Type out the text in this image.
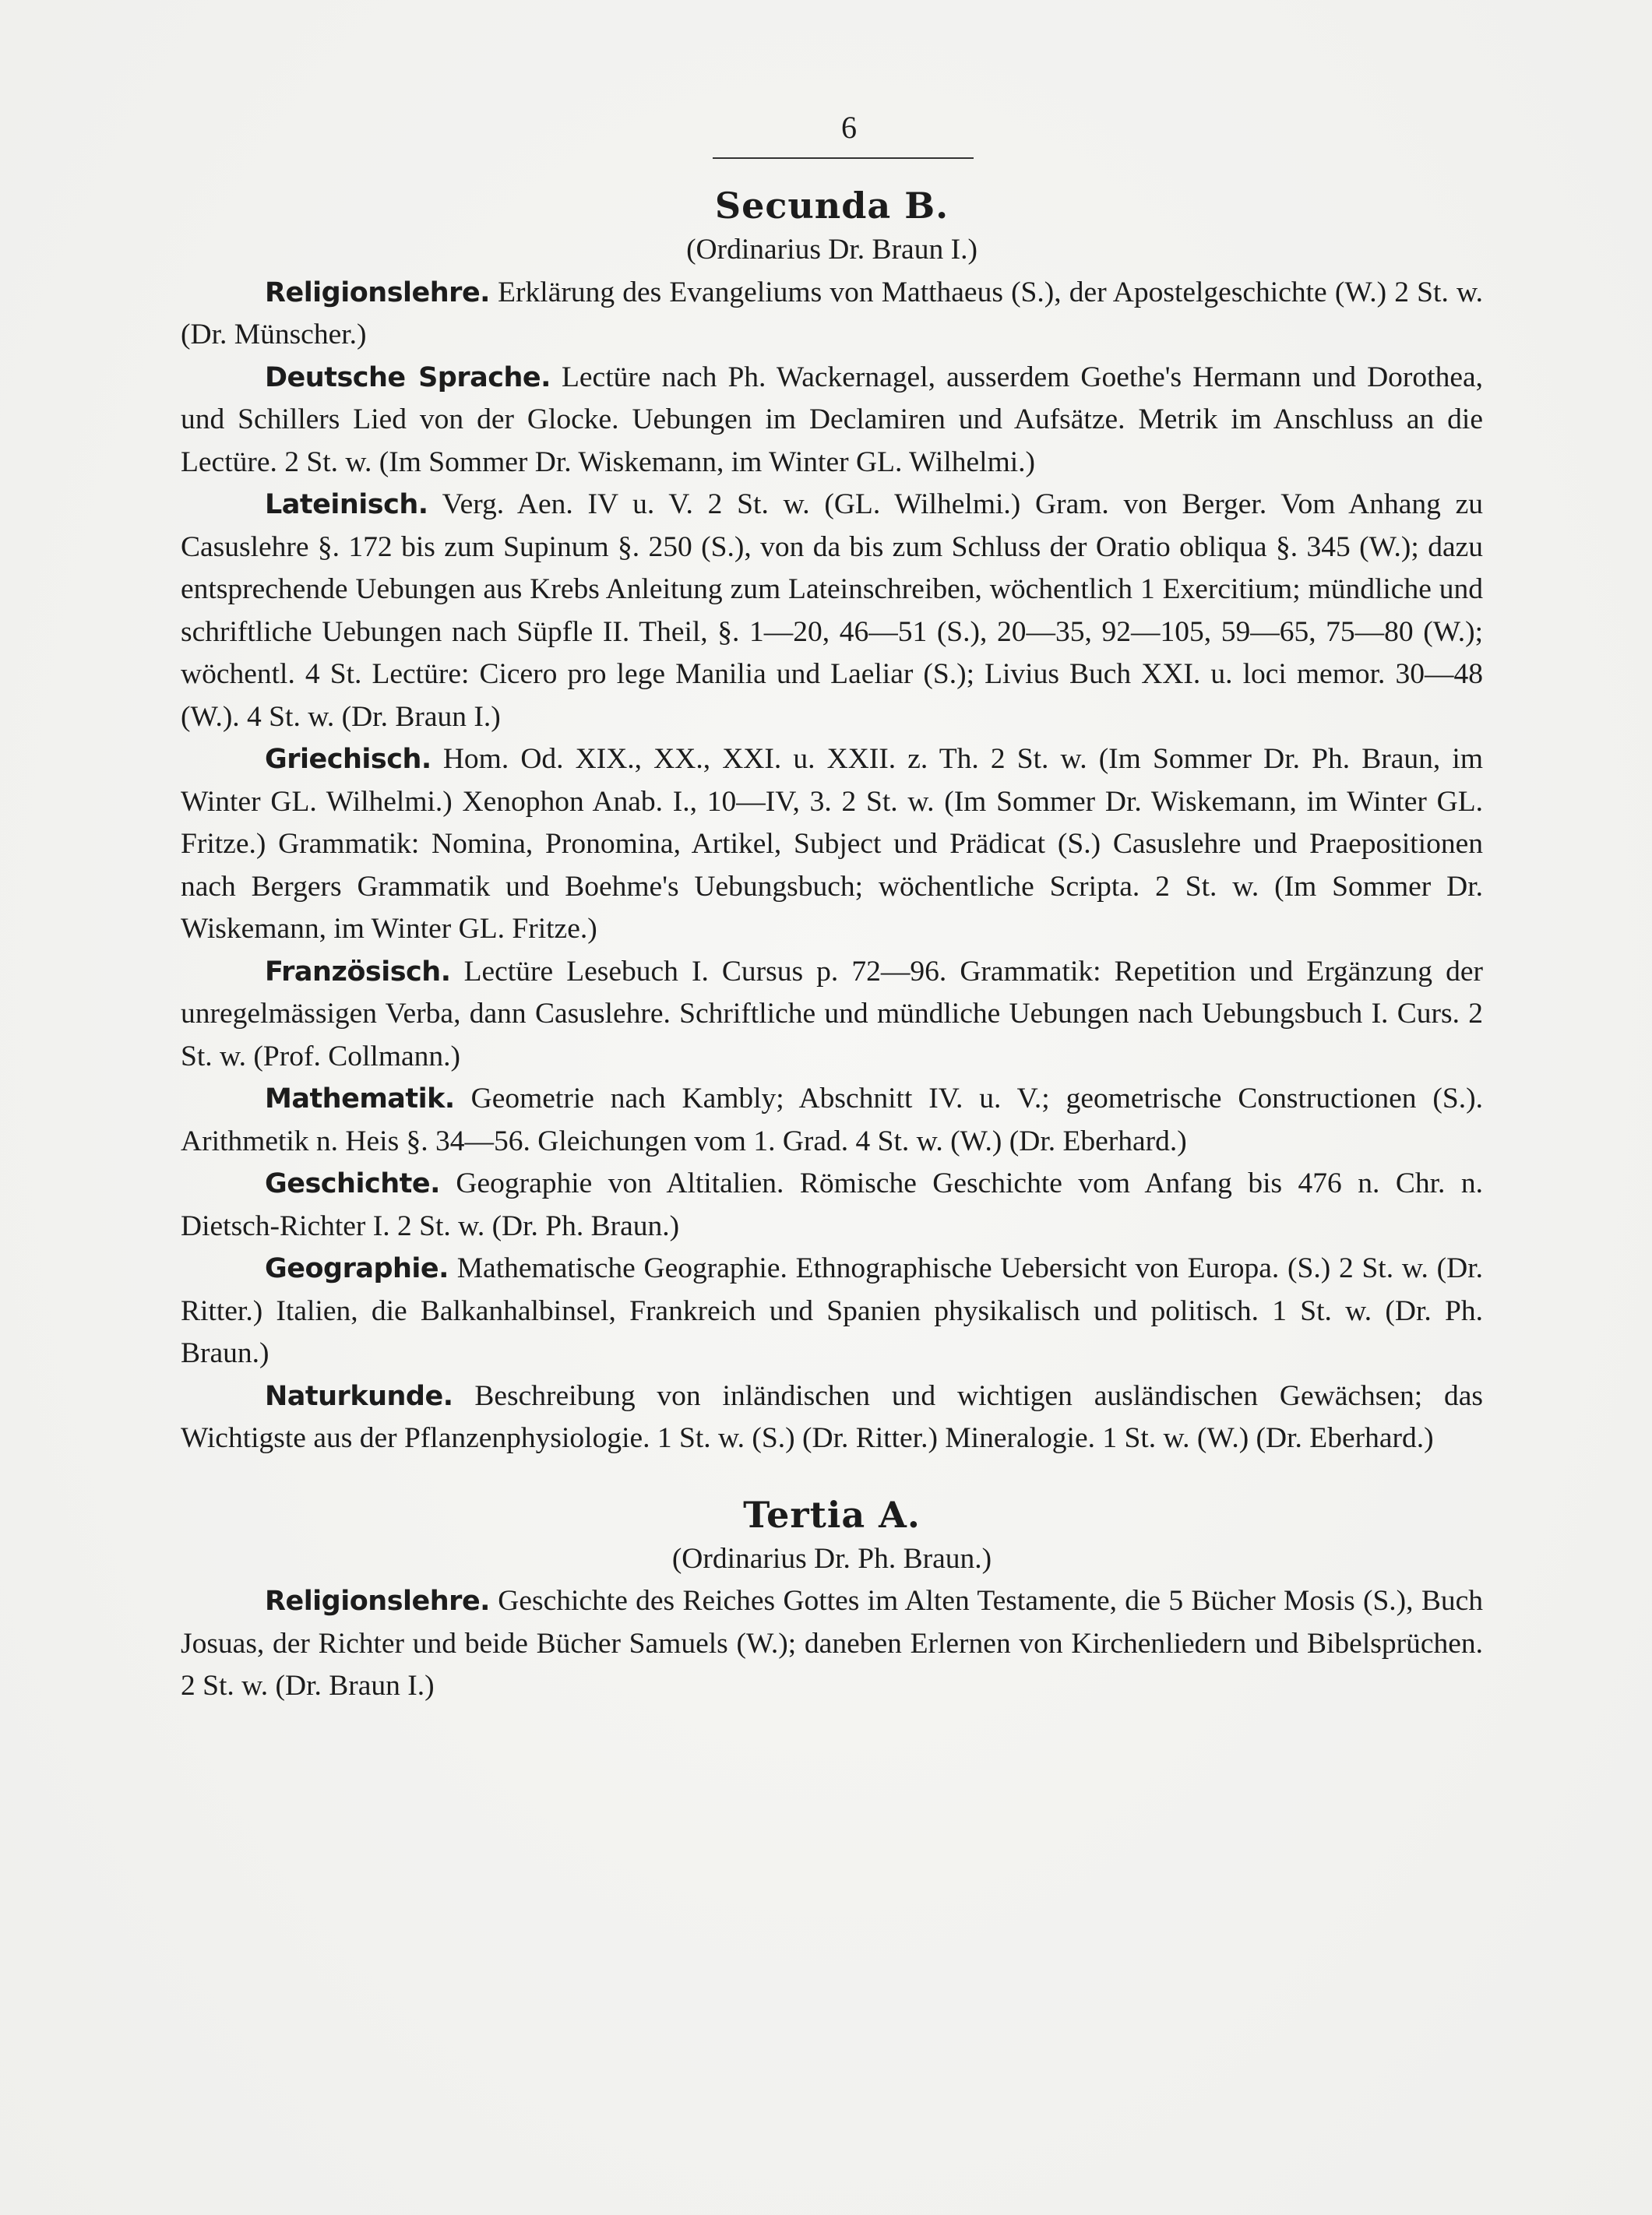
6
Secunda B.

(Ordinarius Dr. Braun I.)

Religionslehre. Erklärung des Evangeliums von Matthaeus (S.), der Apostelgeschichte (W.) 2 St. w. (Dr. Münscher.)

Deutsche Sprache. Lectüre nach Ph. Wackernagel, ausserdem Goethe's Hermann und Dorothea, und Schillers Lied von der Glocke. Uebungen im Declamiren und Aufsätze. Metrik im Anschluss an die Lectüre. 2 St. w. (Im Sommer Dr. Wiskemann, im Winter GL. Wilhelmi.)

Lateinisch. Verg. Aen. IV u. V. 2 St. w. (GL. Wilhelmi.) Gram. von Berger. Vom Anhang zu Casuslehre §. 172 bis zum Supinum §. 250 (S.), von da bis zum Schluss der Oratio obliqua §. 345 (W.); dazu entsprechende Uebungen aus Krebs Anleitung zum Lateinschreiben, wöchentlich 1 Exercitium; mündliche und schriftliche Uebungen nach Süpfle II. Theil, §. 1—20, 46—51 (S.), 20—35, 92—105, 59—65, 75—80 (W.); wöchentl. 4 St. Lectüre: Cicero pro lege Manilia und Laeliar (S.); Livius Buch XXI. u. loci memor. 30—48 (W.). 4 St. w. (Dr. Braun I.)

Griechisch. Hom. Od. XIX., XX., XXI. u. XXII. z. Th. 2 St. w. (Im Sommer Dr. Ph. Braun, im Winter GL. Wilhelmi.) Xenophon Anab. I., 10—IV, 3. 2 St. w. (Im Sommer Dr. Wiskemann, im Winter GL. Fritze.) Grammatik: Nomina, Pronomina, Artikel, Subject und Prädicat (S.) Casuslehre und Praepositionen nach Bergers Grammatik und Boehme's Uebungsbuch; wöchentliche Scripta. 2 St. w. (Im Sommer Dr. Wiskemann, im Winter GL. Fritze.)

Französisch. Lectüre Lesebuch I. Cursus p. 72—96. Grammatik: Repetition und Ergänzung der unregelmässigen Verba, dann Casuslehre. Schriftliche und mündliche Uebungen nach Uebungsbuch I. Curs. 2 St. w. (Prof. Collmann.)

Mathematik. Geometrie nach Kambly; Abschnitt IV. u. V.; geometrische Constructionen (S.). Arithmetik n. Heis §. 34—56. Gleichungen vom 1. Grad. 4 St. w. (W.) (Dr. Eberhard.)

Geschichte. Geographie von Altitalien. Römische Geschichte vom Anfang bis 476 n. Chr. n. Dietsch-Richter I. 2 St. w. (Dr. Ph. Braun.)

Geographie. Mathematische Geographie. Ethnographische Uebersicht von Europa. (S.) 2 St. w. (Dr. Ritter.) Italien, die Balkanhalbinsel, Frankreich und Spanien physikalisch und politisch. 1 St. w. (Dr. Ph. Braun.)

Naturkunde. Beschreibung von inländischen und wichtigen ausländischen Gewächsen; das Wichtigste aus der Pflanzenphysiologie. 1 St. w. (S.) (Dr. Ritter.) Mineralogie. 1 St. w. (W.) (Dr. Eberhard.)

Tertia A.

(Ordinarius Dr. Ph. Braun.)

Religionslehre. Geschichte des Reiches Gottes im Alten Testamente, die 5 Bücher Mosis (S.), Buch Josuas, der Richter und beide Bücher Samuels (W.); daneben Erlernen von Kirchenliedern und Bibelsprüchen. 2 St. w. (Dr. Braun I.)
